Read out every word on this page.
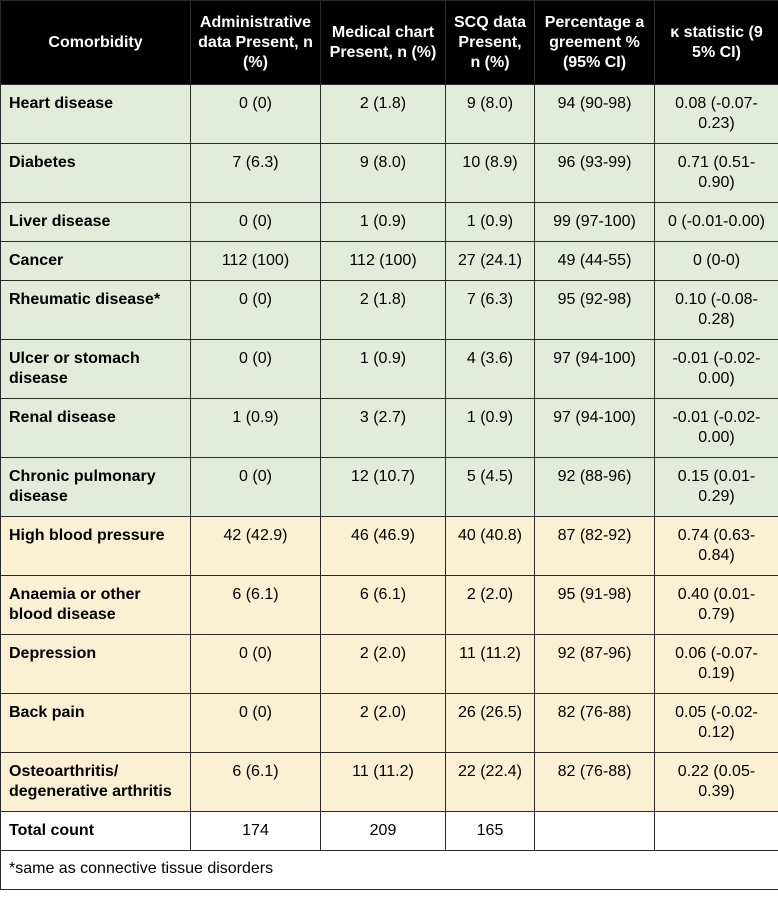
Comorbidity	Administrative data Present, n (%)	Medical chart Present, n (%)	SCQ data Present, n (%)	Percentage agreement % (95% CI)	κ statistic (95% CI)

Heart disease	0 (0)	2 (1.8)	9 (8.0)	94 (90-98)	0.08 (-0.07-0.23)
Diabetes	7 (6.3)	9 (8.0)	10 (8.9)	96 (93-99)	0.71 (0.51-0.90)
Liver disease	0 (0)	1 (0.9)	1 (0.9)	99 (97-100)	0 (-0.01-0.00)
Cancer	112 (100)	112 (100)	27 (24.1)	49 (44-55)	0 (0-0)
Rheumatic disease*	0 (0)	2 (1.8)	7 (6.3)	95 (92-98)	0.10 (-0.08-0.28)
Ulcer or stomach disease	0 (0)	1 (0.9)	4 (3.6)	97 (94-100)	-0.01 (-0.02-0.00)
Renal disease	1 (0.9)	3 (2.7)	1 (0.9)	97 (94-100)	-0.01 (-0.02-0.00)
Chronic pulmonary disease	0 (0)	12 (10.7)	5 (4.5)	92 (88-96)	0.15 (0.01-0.29)
High blood pressure	42 (42.9)	46 (46.9)	40 (40.8)	87 (82-92)	0.74 (0.63-0.84)
Anaemia or other blood disease	6 (6.1)	6 (6.1)	2 (2.0)	95 (91-98)	0.40 (0.01-0.79)
Depression	0 (0)	2 (2.0)	11 (11.2)	92 (87-96)	0.06 (-0.07-0.19)
Back pain	0 (0)	2 (2.0)	26 (26.5)	82 (76-88)	0.05 (-0.02-0.12)
Osteoarthritis/ degenerative arthritis	6 (6.1)	11 (11.2)	22 (22.4)	82 (76-88)	0.22 (0.05-0.39)
Total count	174	209	165		
*same as connective tissue disorders					
